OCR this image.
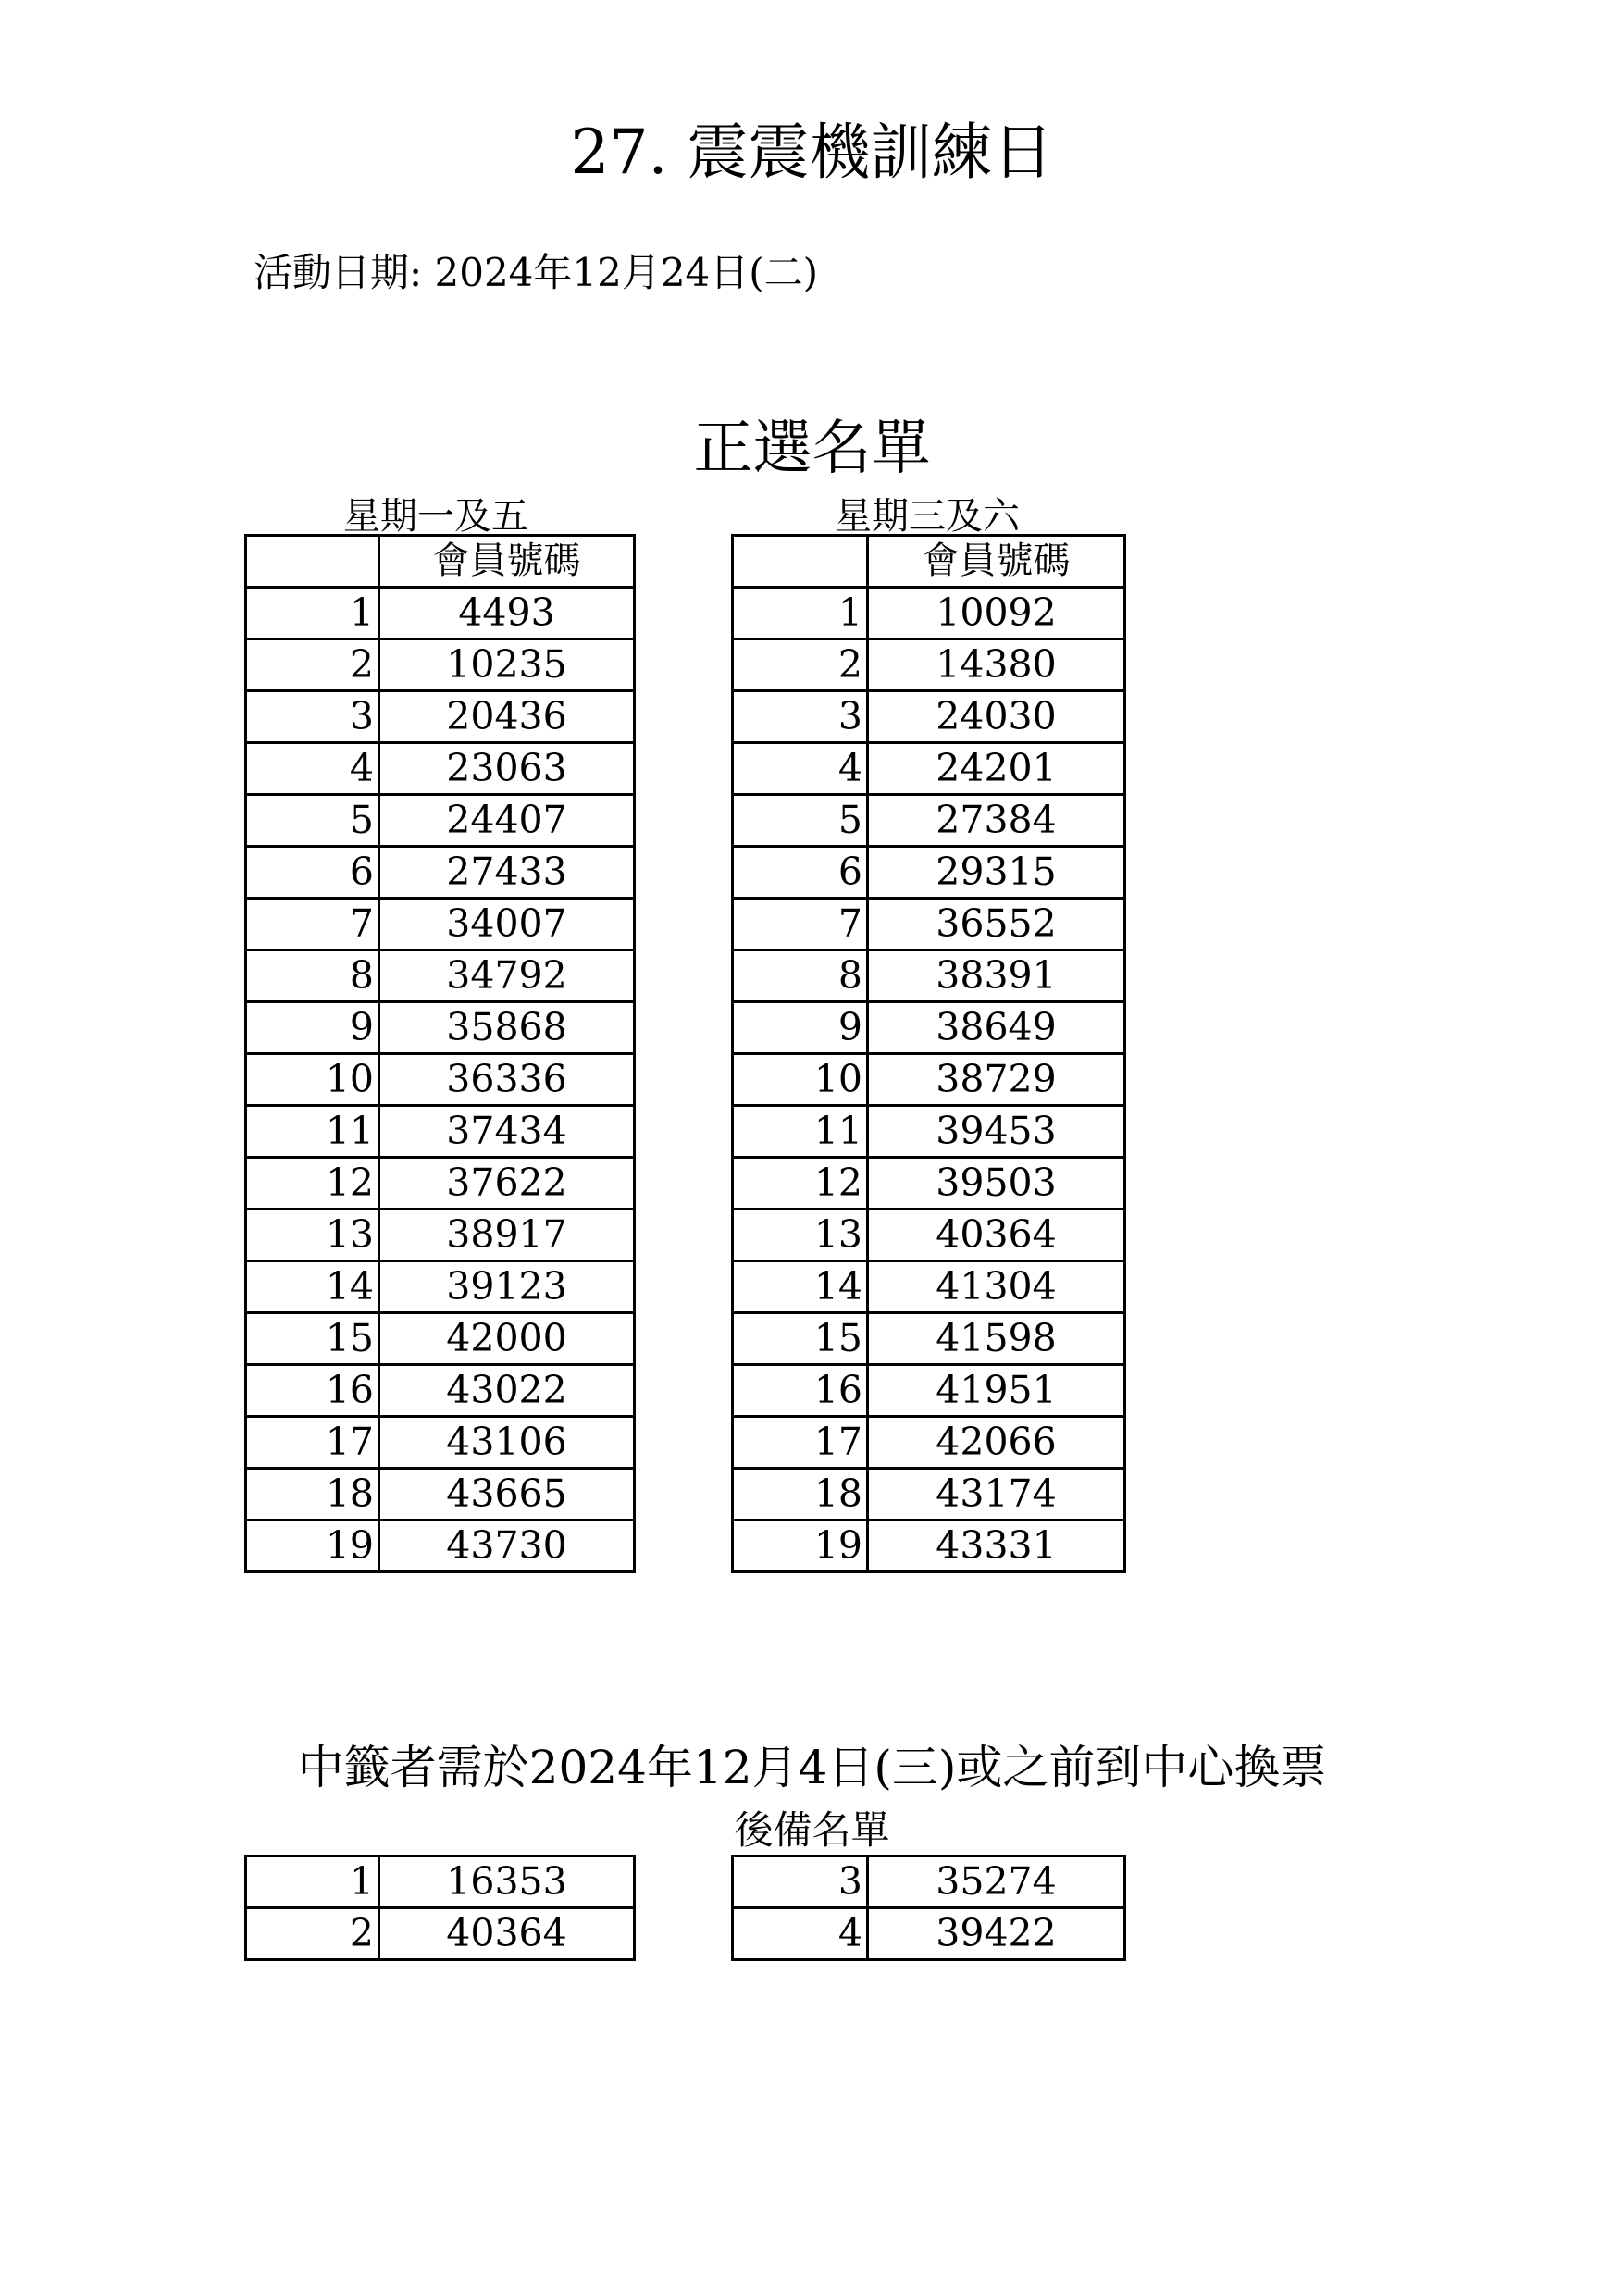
27. 震震機訓練日
活動日期: 2024年12月24日(二)
正選名單
星期一及五	星期三及六
	會員號碼
1	4493
2	10235
3	20436
4	23063
5	24407
6	27433
7	34007
8	34792
9	35868
10	36336
11	37434
12	37622
13	38917
14	39123
15	42000
16	43022
17	43106
18	43665
19	43730
	會員號碼
1	10092
2	14380
3	24030
4	24201
5	27384
6	29315
7	36552
8	38391
9	38649
10	38729
11	39453
12	39503
13	40364
14	41304
15	41598
16	41951
17	42066
18	43174
19	43331
中籤者需於2024年12月4日(三)或之前到中心換票
後備名單
1	16353
2	40364
3	35274
4	39422
